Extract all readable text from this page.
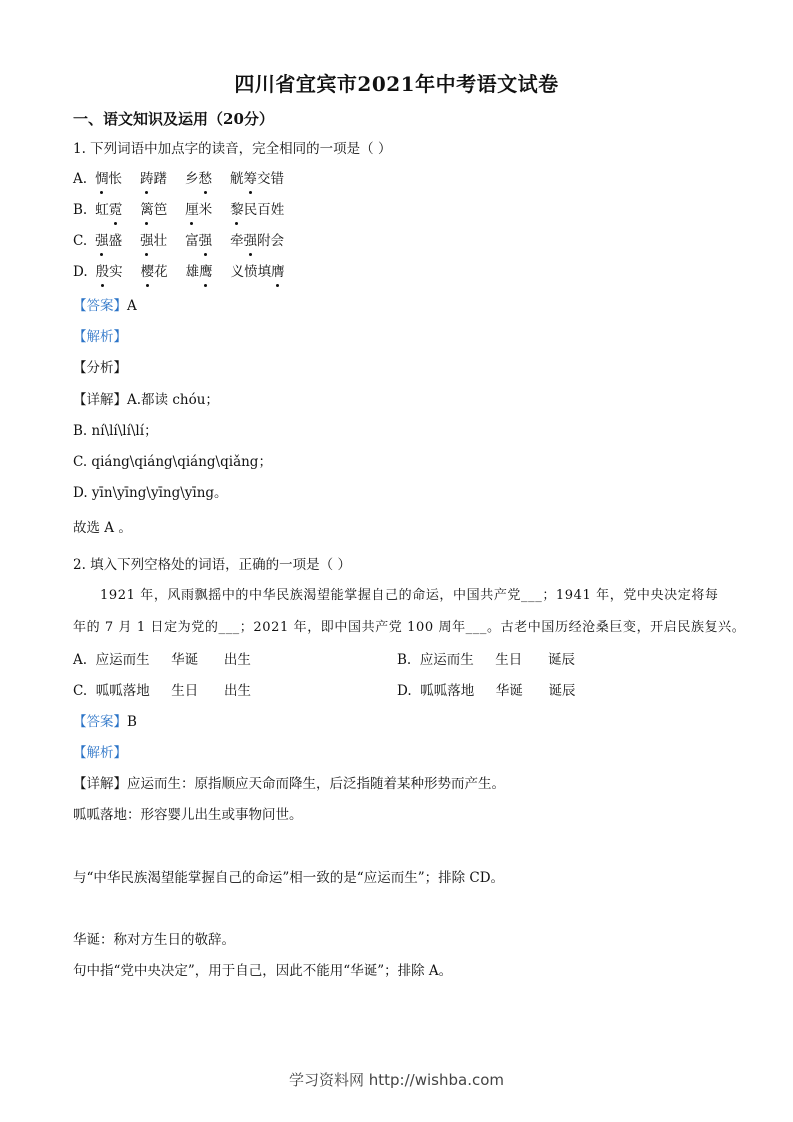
四川省宜宾市2021年中考语文试卷
一、语文知识及运用（20分）
1. 下列词语中加点字的读音，完全相同的一项是（ ）
A. 惆怅 踌躇 乡愁 觥筹交错
B. 虹霓 篱笆 厘米 黎民百姓
C. 强盛 强壮 富强 牵强附会
D. 殷实 樱花 雄鹰 义愤填膺
【答案】A
【解析】
【分析】
【详解】A.都读 chóu；
B. ní\lí\lí\lí；
C. qiáng\qiáng\qiáng\qiǎng；
D. yīn\yīng\yīng\yīng。
故选 A 。
2. 填入下列空格处的词语，正确的一项是（ ）
1921 年，风雨飘摇中的中华民族渴望能掌握自己的命运，中国共产党___；1941 年，党中央决定将每
年的 7 月 1 日定为党的___；2021 年，即中国共产党 100 周年___。古老中国历经沧桑巨变，开启民族复兴。
A. 应运而生 华诞 出生	B. 应运而生 生日 诞辰
C. 呱呱落地 生日 出生	D. 呱呱落地 华诞 诞辰
【答案】B
【解析】
【详解】应运而生：原指顺应天命而降生，后泛指随着某种形势而产生。
呱呱落地：形容婴儿出生或事物问世。
与“中华民族渴望能掌握自己的命运”相一致的是“应运而生”；排除 CD。
华诞：称对方生日的敬辞。
句中指“党中央决定”，用于自己，因此不能用“华诞”；排除 A。
学习资料网 http://wishba.com
